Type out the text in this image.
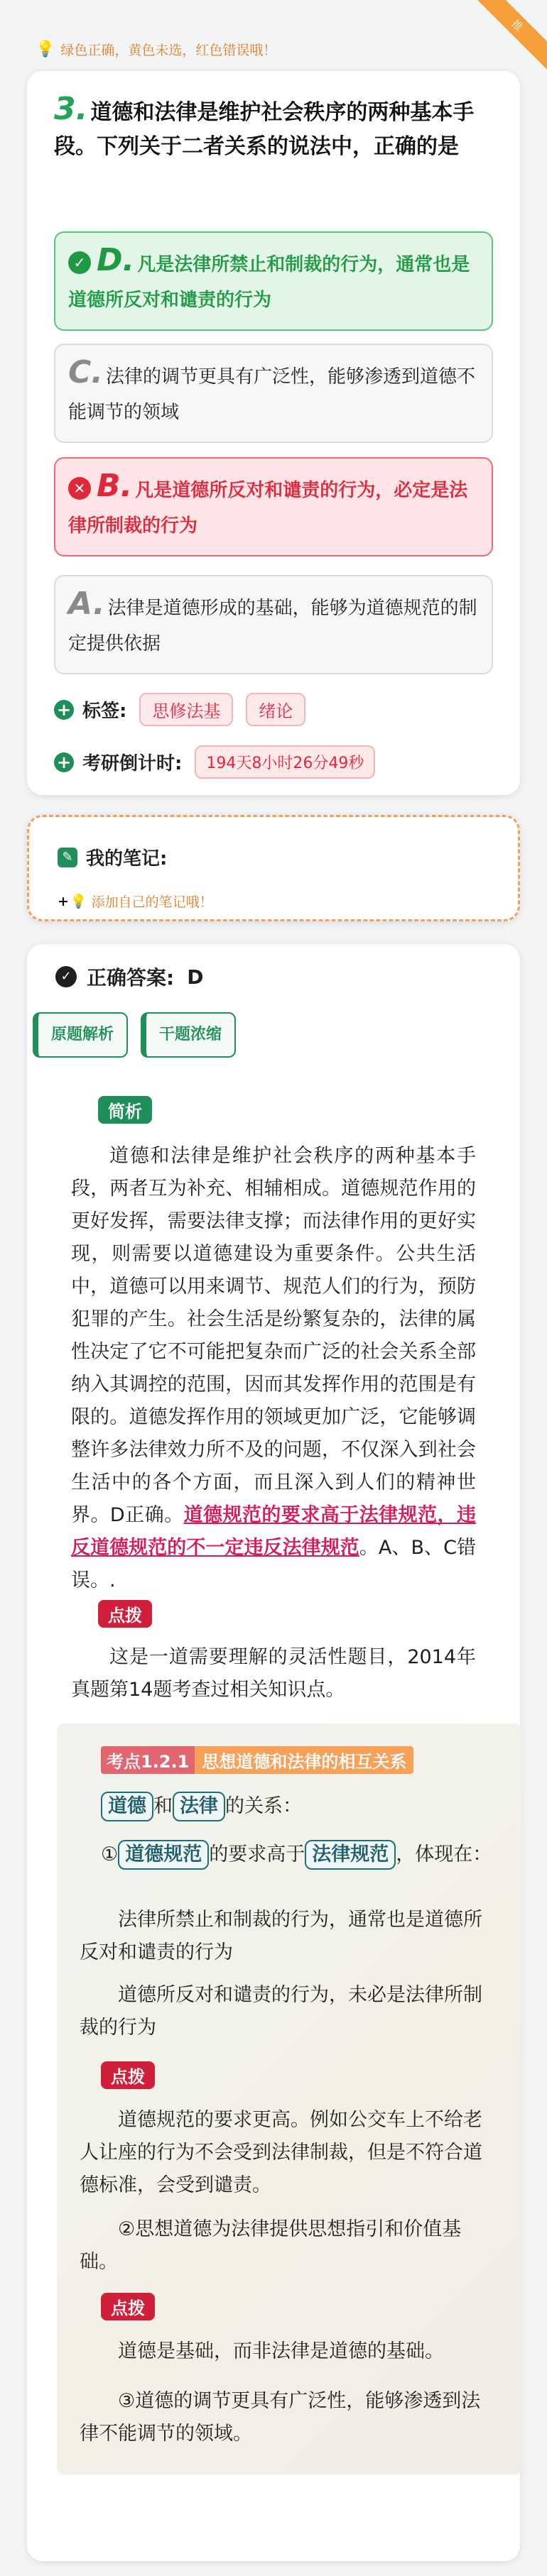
推
💡 绿色正确，黄色未选，红色错误哦！
3. 道德和法律是维护社会秩序的两种基本手段。下列关于二者关系的说法中，正确的是
✓ D. 凡是法律所禁止和制裁的行为，通常也是道德所反对和谴责的行为
C. 法律的调节更具有广泛性，能够渗透到道德不能调节的领域
✕ B. 凡是道德所反对和谴责的行为，必定是法律所制裁的行为
A. 法律是道德形成的基础，能够为道德规范的制定提供依据
+ 标签:	思修法基	绪论
+ 考研倒计时:	194天8小时26分49秒
✎ 我的笔记:
+ 💡 添加自己的笔记哦！
✓ 正确答案: D
原题解析	干题浓缩
简析
道德和法律是维护社会秩序的两种基本手段，两者互为补充、相辅相成。道德规范作用的更好发挥，需要法律支撑；而法律作用的更好实现，则需要以道德建设为重要条件。公共生活中，道德可以用来调节、规范人们的行为，预防犯罪的产生。社会生活是纷繁复杂的，法律的属性决定了它不可能把复杂而广泛的社会关系全部纳入其调控的范围，因而其发挥作用的范围是有限的。道德发挥作用的领域更加广泛，它能够调整许多法律效力所不及的问题，不仅深入到社会生活中的各个方面，而且深入到人们的精神世界。D正确。道德规范的要求高于法律规范，违反道德规范的不一定违反法律规范。A、B、C错误。.
点拨
这是一道需要理解的灵活性题目，2014年真题第14题考查过相关知识点。
考点1.2.1 思想道德和法律的相互关系
道德 和 法律 的关系：
① 道德规范 的要求高于 法律规范 ，体现在：
法律所禁止和制裁的行为，通常也是道德所反对和谴责的行为
道德所反对和谴责的行为，未必是法律所制裁的行为
点拨
道德规范的要求更高。例如公交车上不给老人让座的行为不会受到法律制裁，但是不符合道德标准，会受到谴责。
②思想道德为法律提供思想指引和价值基础。
点拨
道德是基础，而非法律是道德的基础。
③道德的调节更具有广泛性，能够渗透到法律不能调节的领域。
